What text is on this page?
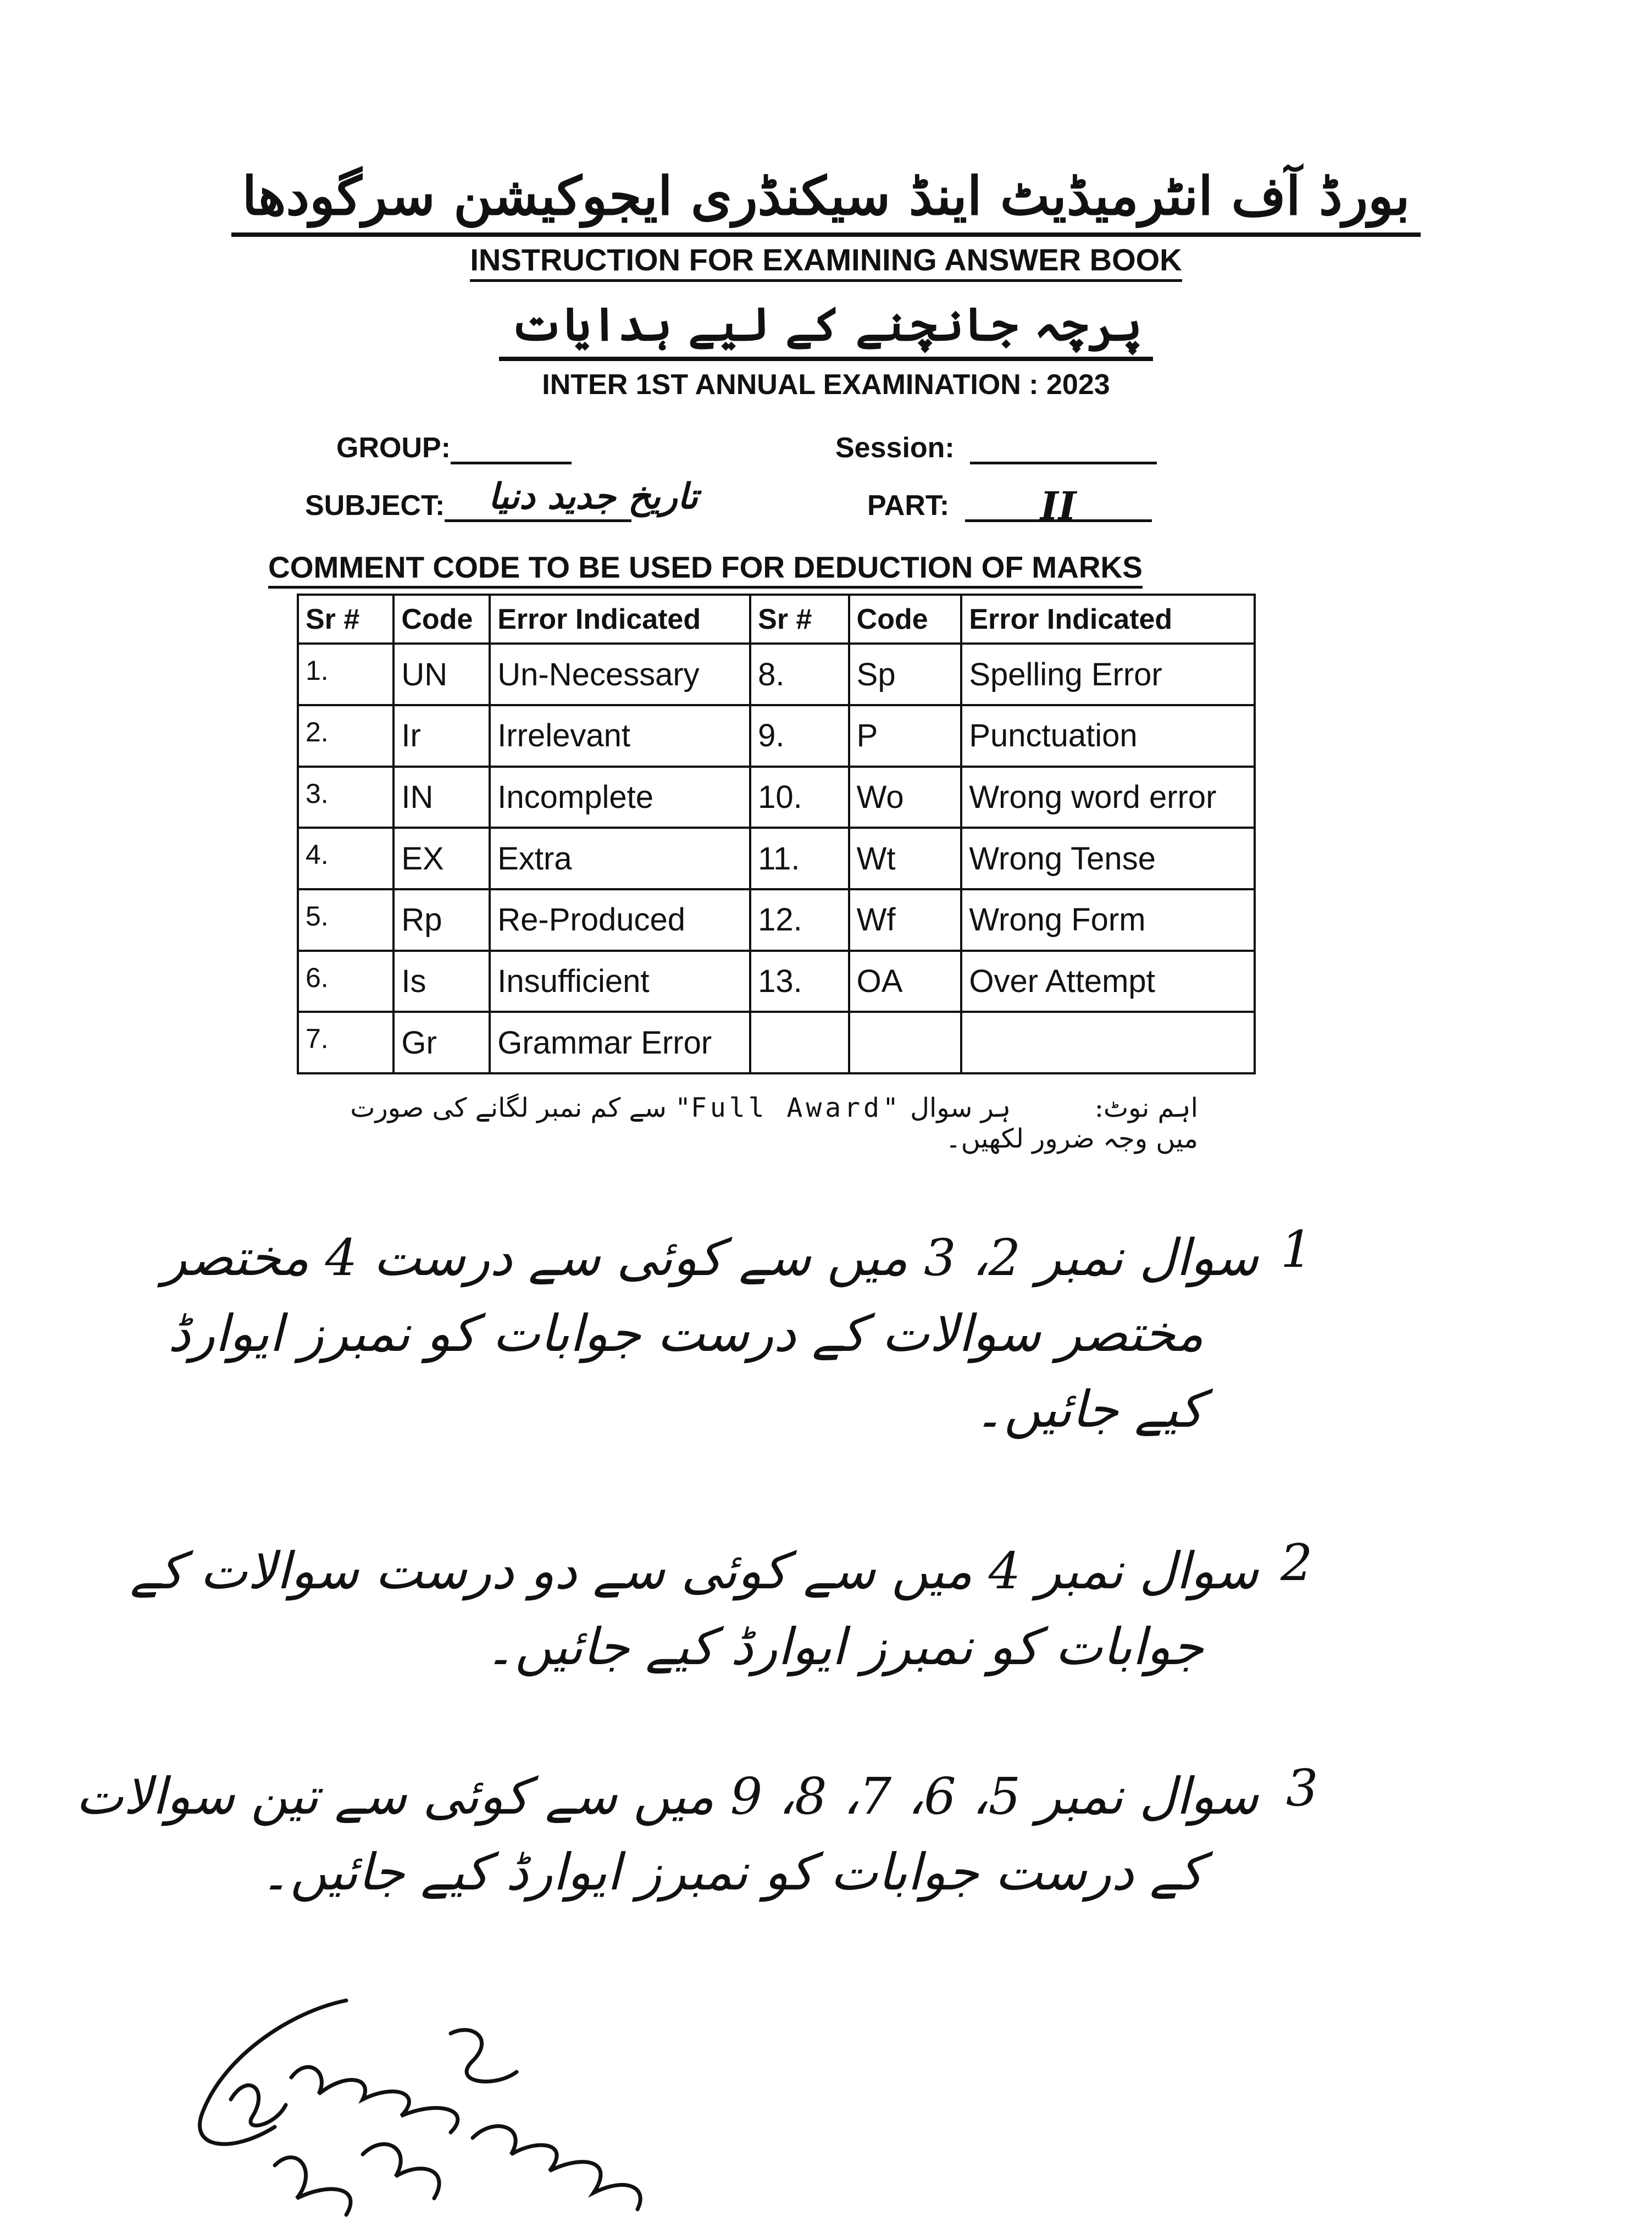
بورڈ آف انٹرمیڈیٹ اینڈ سیکنڈری ایجوکیشن سرگودھا
INSTRUCTION FOR EXAMINING ANSWER BOOK
پرچہ جانچنے کے لیے ہدایات
INTER 1ST ANNUAL EXAMINATION : 2023
GROUP:	Session:
SUBJECT:	تاریخ جدید دنیا	PART: II
COMMENT CODE TO BE USED FOR DEDUCTION OF MARKS
Sr #	Code	Error Indicated	Sr #	Code	Error Indicated
1.	UN	Un-Necessary	8.	Sp	Spelling Error
2.	Ir	Irrelevant	9.	P	Punctuation
3.	IN	Incomplete	10.	Wo	Wrong word error
4.	EX	Extra	11.	Wt	Wrong Tense
5.	Rp	Re-Produced	12.	Wf	Wrong Form
6.	Is	Insufficient	13.	OA	Over Attempt
7.	Gr	Grammar Error			
اہم نوٹ:          ہر سوال "Full Award" سے کم نمبر لگانے کی صورت میں وجہ ضرور لکھیں۔
1
سوال نمبر 2، 3 میں سے کوئی سے درست 4 مختصر
مختصر سوالات کے درست جوابات کو نمبرز ایوارڈ
کیے جائیں۔
2
سوال نمبر 4 میں سے کوئی سے دو درست سوالات کے
جوابات کو نمبرز ایوارڈ کیے جائیں۔
3
سوال نمبر 5، 6، 7، 8، 9 میں سے کوئی سے تین سوالات
کے درست جوابات کو نمبرز ایوارڈ کیے جائیں۔
